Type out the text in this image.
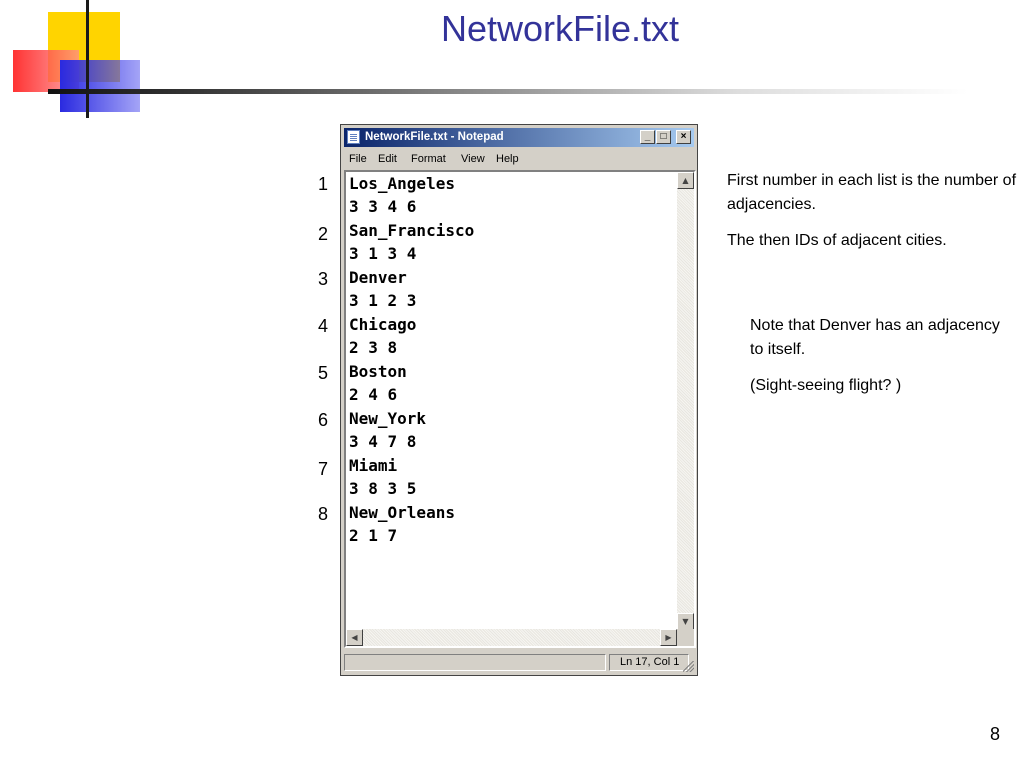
NetworkFile.txt
1
2
3
4
5
6
7
8
NetworkFile.txt - Notepad	_	□	×
File Edit Format View Help
Los_Angeles
3 3 4 6
San_Francisco
3 1 3 4
Denver
3 1 2 3
Chicago
2 3 8
Boston
2 4 6
New_York
3 4 7 8
Miami
3 8 3 5
New_Orleans
2 1 7
▲
▼
◀	▶
Ln 17, Col 1

First number in each list is the number of adjacencies.

The then IDs of adjacent cities.

Note that Denver has an adjacency to itself.

(Sight-seeing flight? )

8
